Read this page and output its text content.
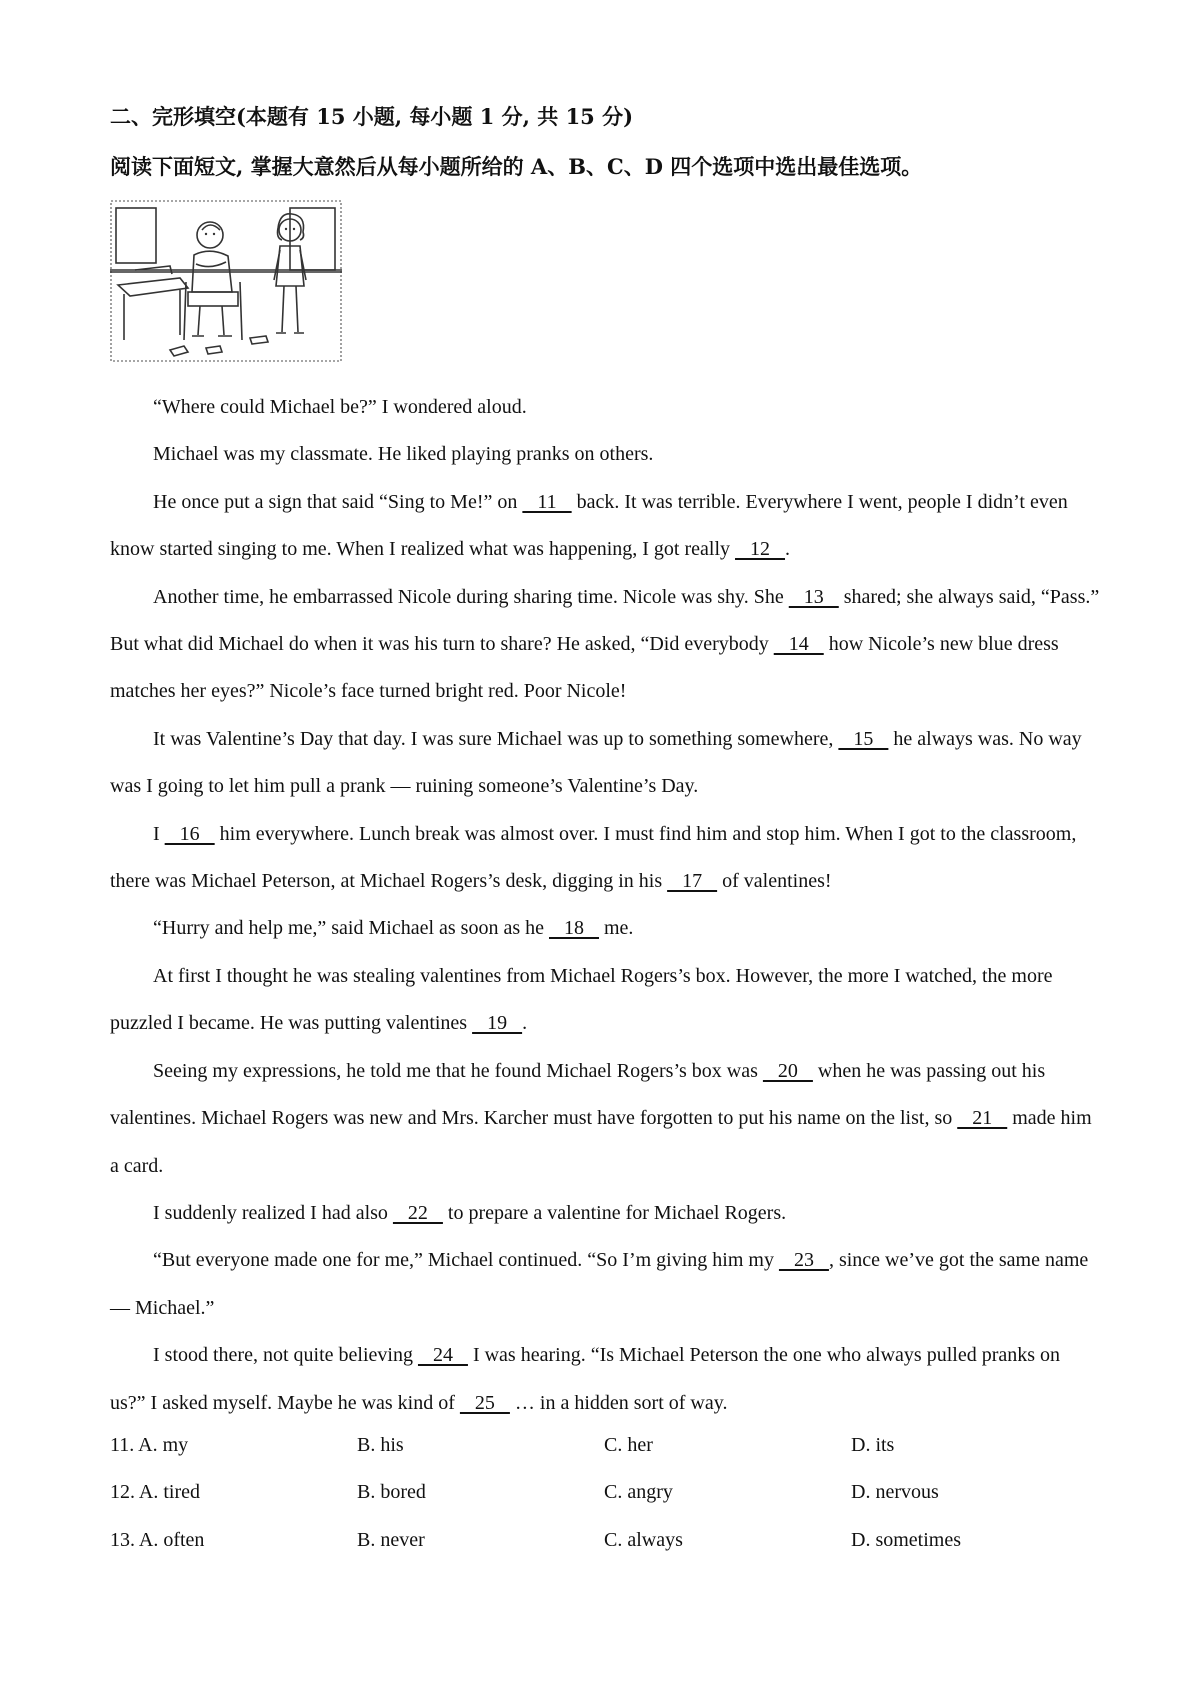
二、完形填空(本题有 15 小题, 每小题 1 分, 共 15 分)
阅读下面短文, 掌握大意然后从每小题所给的 A、B、C、D 四个选项中选出最佳选项。

“Where could Michael be?” I wondered aloud.

Michael was my classmate. He liked playing pranks on others.

He once put a sign that said “Sing to Me!” on    11    back. It was terrible. Everywhere I went, people I didn’t even know started singing to me. When I realized what was happening, I got really    12   .

Another time, he embarrassed Nicole during sharing time. Nicole was shy. She    13    shared; she always said, “Pass.” But what did Michael do when it was his turn to share? He asked, “Did everybody    14    how Nicole’s new blue dress matches her eyes?” Nicole’s face turned bright red. Poor Nicole!

It was Valentine’s Day that day. I was sure Michael was up to something somewhere,    15    he always was. No way was I going to let him pull a prank — ruining someone’s Valentine’s Day.

I    16    him everywhere. Lunch break was almost over. I must find him and stop him. When I got to the classroom, there was Michael Peterson, at Michael Rogers’s desk, digging in his    17    of valentines!

“Hurry and help me,” said Michael as soon as he    18    me.

At first I thought he was stealing valentines from Michael Rogers’s box. However, the more I watched, the more puzzled I became. He was putting valentines    19   .

Seeing my expressions, he told me that he found Michael Rogers’s box was    20    when he was passing out his valentines. Michael Rogers was new and Mrs. Karcher must have forgotten to put his name on the list, so    21    made him a card.

I suddenly realized I had also    22    to prepare a valentine for Michael Rogers.

“But everyone made one for me,” Michael continued. “So I’m giving him my    23   , since we’ve got the same name — Michael.”

I stood there, not quite believing    24    I was hearing. “Is Michael Peterson the one who always pulled pranks on us?” I asked myself. Maybe he was kind of    25    … in a hidden sort of way.

11. A. my	B. his	C. her	D. its
12. A. tired	B. bored	C. angry	D. nervous
13. A. often	B. never	C. always	D. sometimes
